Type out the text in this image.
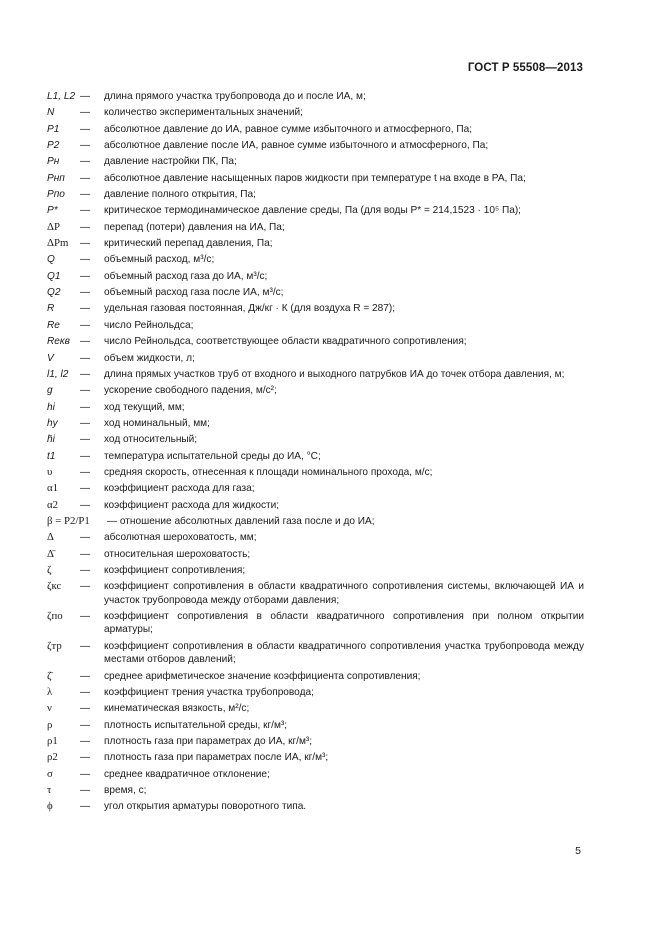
ГОСТ Р 55508—2013
L1, L2 —	длина прямого участка трубопровода до и после ИА, м;
N	—	количество экспериментальных значений;
P1	—	абсолютное давление до ИА, равное сумме избыточного и атмосферного, Па;
P2	—	абсолютное давление после ИА, равное сумме избыточного и атмосферного, Па;
Pн	—	давление настройки ПК, Па;
Pнп	—	абсолютное давление насыщенных паров жидкости при температуре t на входе в РА, Па;
Pпо	—	давление полного открытия, Па;
P*	—	критическое термодинамическое давление среды, Па (для воды P* = 214,1523 · 10⁵ Па);
ΔP	—	перепад (потери) давления на ИА, Па;
ΔPm	—	критический перепад давления, Па;
Q	—	объемный расход, м³/с;
Q1	—	объемный расход газа до ИА, м³/с;
Q2	—	объемный расход газа после ИА, м³/с;
R	—	удельная газовая постоянная, Дж/кг · К (для воздуха R = 287);
Re	—	число Рейнольдса;
Reкв —	число Рейнольдса, соответствующее области квадратичного сопротивления;
V	—	объем жидкости, л;
l1, l2	—	длина прямых участков труб от входного и выходного патрубков ИА до точек отбора давления, м;
g	—	ускорение свободного падения, м/с²;
hi	—	ход текущий, мм;
hy	—	ход номинальный, мм;
h̄i	—	ход относительный;
t1	—	температура испытательной среды до ИА, °С;
υ	—	средняя скорость, отнесенная к площади номинального прохода, м/с;
α1	—	коэффициент расхода для газа;
α2	—	коэффициент расхода для жидкости;
β = P2/P1	— отношение абсолютных давлений газа после и до ИА;
Δ	—	абсолютная шероховатость, мм;
Δ̄	—	относительная шероховатость;
ζ	—	коэффициент сопротивления;
ζкс	—	коэффициент сопротивления в области квадратичного сопротивления системы, включающей ИА и участок трубопровода между отборами давления;
ζпо	—	коэффициент сопротивления в области квадратичного сопротивления при полном открытии арматуры;
ζтр	—	коэффициент сопротивления в области квадратичного сопротивления участка трубопровода между местами отборов давлений;
ζ̄	—	среднее арифметическое значение коэффициента сопротивления;
λ	—	коэффициент трения участка трубопровода;
ν	—	кинематическая вязкость, м²/с;
ρ	—	плотность испытательной среды, кг/м³;
ρ1	—	плотность газа при параметрах до ИА, кг/м³;
ρ2	—	плотность газа при параметрах после ИА, кг/м³;
σ	—	среднее квадратичное отклонение;
τ	—	время, с;
ϕ	—	угол открытия арматуры поворотного типа.
5
